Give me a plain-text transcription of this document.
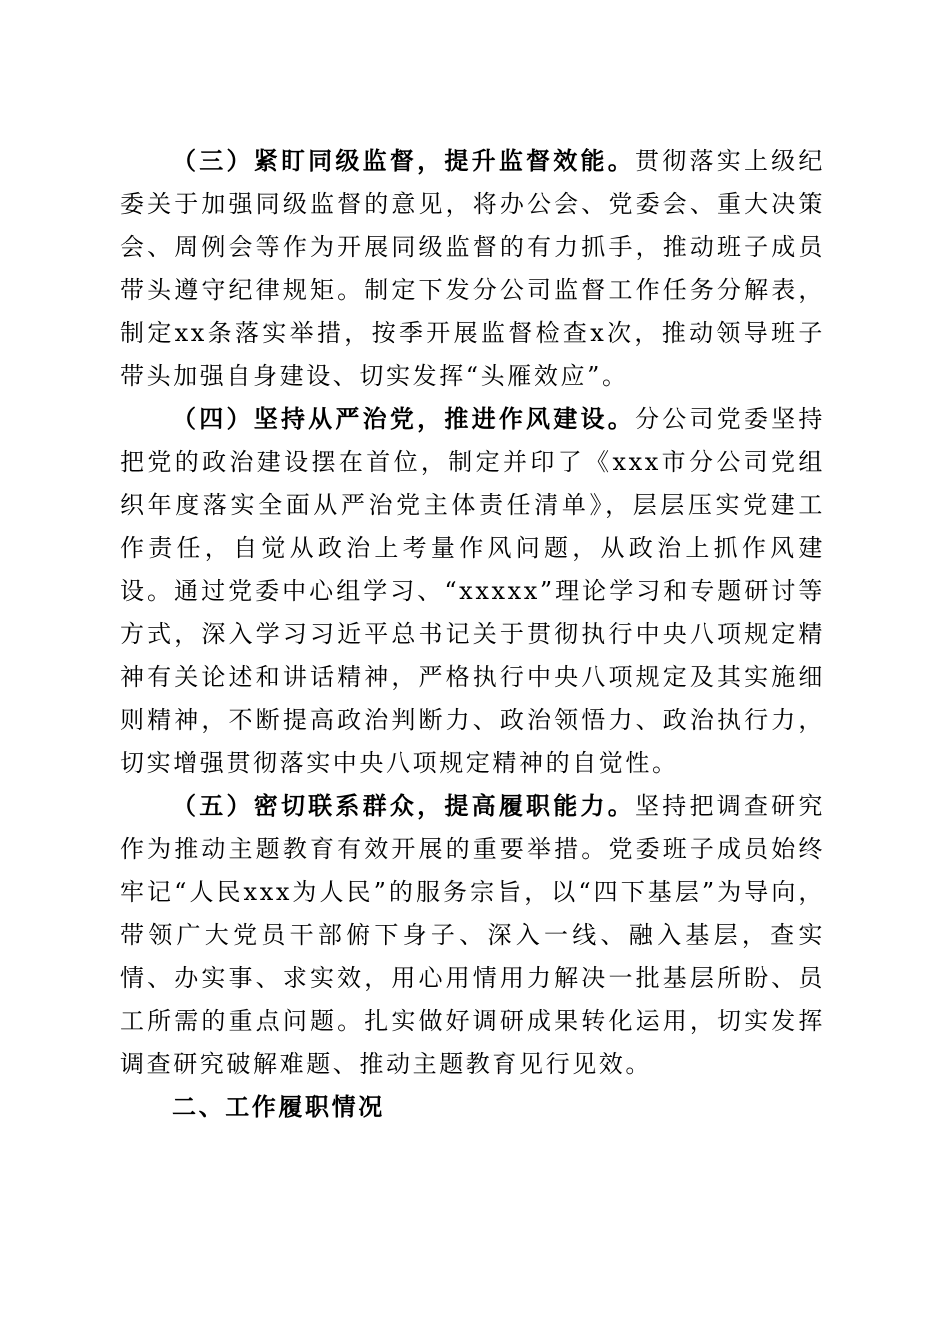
（三）紧盯同级监督，提升监督效能。贯彻落实上级纪委关于加强同级监督的意见，将办公会、党委会、重大决策会、周例会等作为开展同级监督的有力抓手，推动班子成员带头遵守纪律规矩。制定下发分公司监督工作任务分解表，制定xx条落实举措，按季开展监督检查x次，推动领导班子带头加强自身建设、切实发挥“头雁效应”。

（四）坚持从严治党，推进作风建设。分公司党委坚持把党的政治建设摆在首位，制定并印了《xxx市分公司党组织年度落实全面从严治党主体责任清单》，层层压实党建工作责任，自觉从政治上考量作风问题，从政治上抓作风建设。通过党委中心组学习、“xxxxx”理论学习和专题研讨等方式，深入学习习近平总书记关于贯彻执行中央八项规定精神有关论述和讲话精神，严格执行中央八项规定及其实施细则精神，不断提高政治判断力、政治领悟力、政治执行力，切实增强贯彻落实中央八项规定精神的自觉性。

（五）密切联系群众，提高履职能力。坚持把调查研究作为推动主题教育有效开展的重要举措。党委班子成员始终牢记“人民xxx为人民”的服务宗旨，以“四下基层”为导向，带领广大党员干部俯下身子、深入一线、融入基层，查实情、办实事、求实效，用心用情用力解决一批基层所盼、员工所需的重点问题。扎实做好调研成果转化运用，切实发挥调查研究破解难题、推动主题教育见行见效。

二、工作履职情况
